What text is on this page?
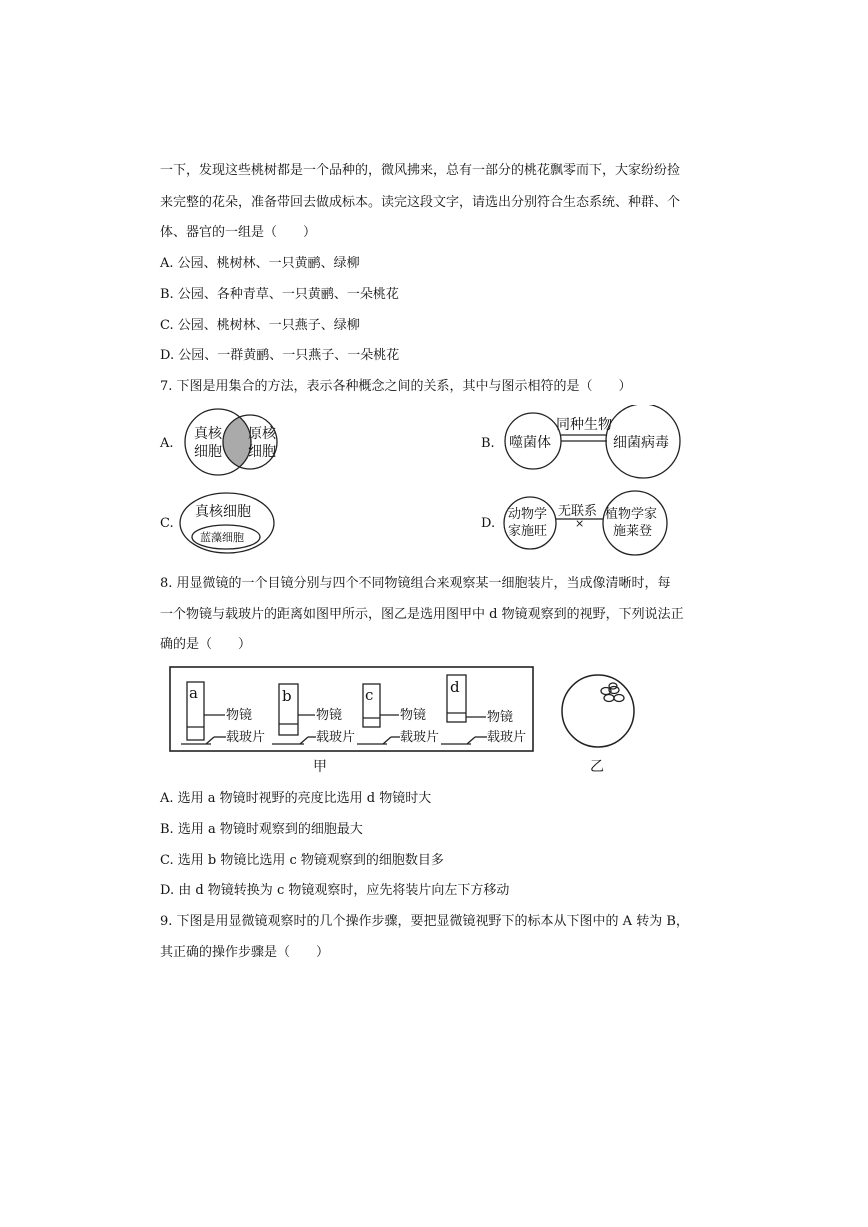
一下，发现这些桃树都是一个品种的，微风拂来，总有一部分的桃花飘零而下，大家纷纷捡
来完整的花朵，准备带回去做成标本。读完这段文字，请选出分别符合生态系统、种群、个
体、器官的一组是（　　）
A. 公园、桃树林、一只黄鹂、绿柳
B. 公园、各种青草、一只黄鹂、一朵桃花
C. 公园、桃树林、一只燕子、绿柳
D. 公园、一群黄鹂、一只燕子、一朵桃花
7. 下图是用集合的方法，表示各种概念之间的关系，其中与图示相符的是（　　）
A.
真核
细胞
原核
细胞
B. 噬菌体
同种生物
细菌病毒
C.
真核细胞
蓝藻细胞
D.
动物学
家施旺
无联系
×
植物学家
施莱登
8. 用显微镜的一个目镜分别与四个不同物镜组合来观察某一细胞装片，当成像清晰时，每
一个物镜与载玻片的距离如图甲所示，图乙是选用图甲中 d 物镜观察到的视野，下列说法正
确的是（　　）
a
物镜
载玻片
b
物镜
载玻片
c
物镜
载玻片
d
物镜
载玻片
甲	乙
A. 选用 a 物镜时视野的亮度比选用 d 物镜时大
B. 选用 a 物镜时观察到的细胞最大
C. 选用 b 物镜比选用 c 物镜观察到的细胞数目多
D. 由 d 物镜转换为 c 物镜观察时，应先将装片向左下方移动
9. 下图是用显微镜观察时的几个操作步骤，要把显微镜视野下的标本从下图中的 A 转为 B，
其正确的操作步骤是（　　）
